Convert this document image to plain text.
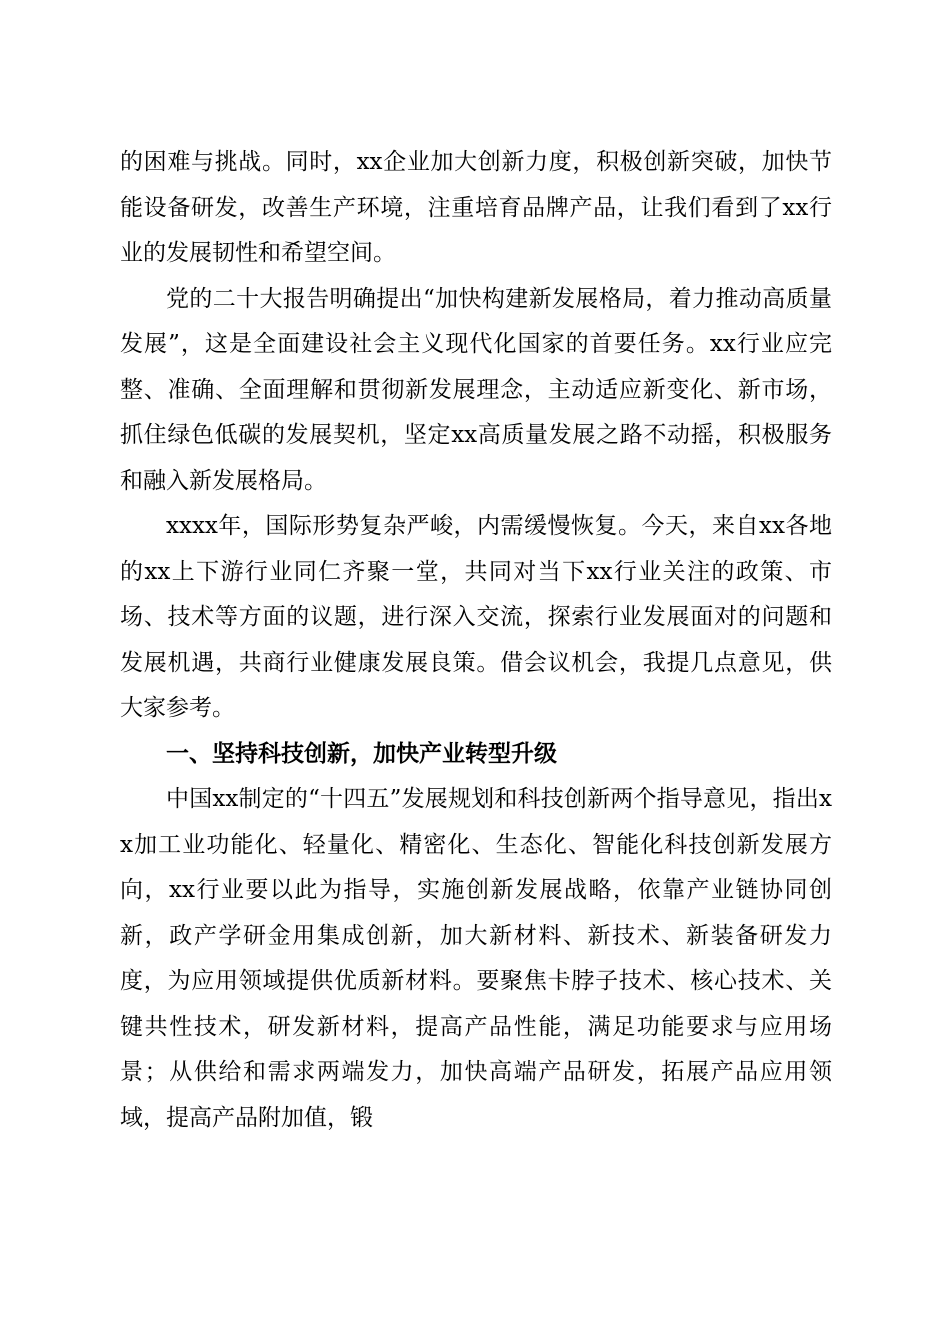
的困难与挑战。同时，xx企业加大创新力度，积极创新突破，加快节能设备研发，改善生产环境，注重培育品牌产品，让我们看到了xx行业的发展韧性和希望空间。

党的二十大报告明确提出“加快构建新发展格局，着力推动高质量发展”，这是全面建设社会主义现代化国家的首要任务。xx行业应完整、准确、全面理解和贯彻新发展理念，主动适应新变化、新市场，抓住绿色低碳的发展契机，坚定xx高质量发展之路不动摇，积极服务和融入新发展格局。

xxxx年，国际形势复杂严峻，内需缓慢恢复。今天，来自xx各地的xx上下游行业同仁齐聚一堂，共同对当下xx行业关注的政策、市场、技术等方面的议题，进行深入交流，探索行业发展面对的问题和发展机遇，共商行业健康发展良策。借会议机会，我提几点意见，供大家参考。

一、坚持科技创新，加快产业转型升级

中国xx制定的“十四五”发展规划和科技创新两个指导意见，指出xx加工业功能化、轻量化、精密化、生态化、智能化科技创新发展方向，xx行业要以此为指导，实施创新发展战略，依靠产业链协同创新，政产学研金用集成创新，加大新材料、新技术、新装备研发力度，为应用领域提供优质新材料。要聚焦卡脖子技术、核心技术、关键共性技术，研发新材料，提高产品性能，满足功能要求与应用场景；从供给和需求两端发力，加快高端产品研发，拓展产品应用领域，提高产品附加值，锻
